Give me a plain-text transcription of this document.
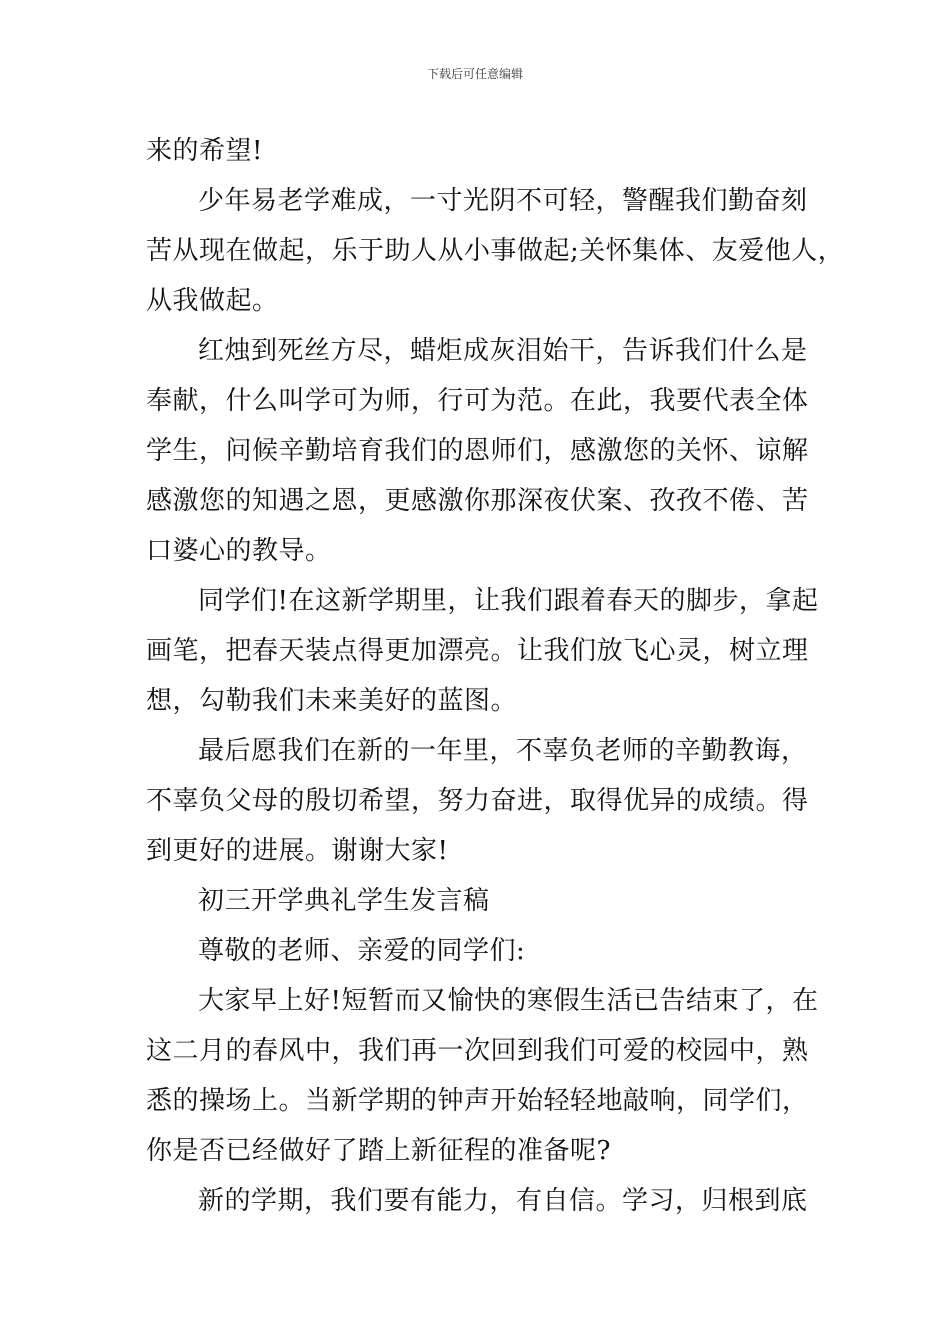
下载后可任意编辑
来的希望!
少年易老学难成，一寸光阴不可轻，警醒我们勤奋刻
苦从现在做起，乐于助人从小事做起;关怀集体、友爱他人，
从我做起。
红烛到死丝方尽，蜡炬成灰泪始干，告诉我们什么是
奉献，什么叫学可为师，行可为范。在此，我要代表全体
学生，问候辛勤培育我们的恩师们，感激您的关怀、谅解
感激您的知遇之恩，更感激你那深夜伏案、孜孜不倦、苦
口婆心的教导。
同学们!在这新学期里，让我们跟着春天的脚步，拿起
画笔，把春天装点得更加漂亮。让我们放飞心灵，树立理
想，勾勒我们未来美好的蓝图。
最后愿我们在新的一年里，不辜负老师的辛勤教诲，
不辜负父母的殷切希望，努力奋进，取得优异的成绩。得
到更好的进展。谢谢大家!
初三开学典礼学生发言稿
尊敬的老师、亲爱的同学们:
大家早上好!短暂而又愉快的寒假生活已告结束了，在
这二月的春风中，我们再一次回到我们可爱的校园中，熟
悉的操场上。当新学期的钟声开始轻轻地敲响，同学们，
你是否已经做好了踏上新征程的准备呢?
新的学期，我们要有能力，有自信。学习，归根到底
